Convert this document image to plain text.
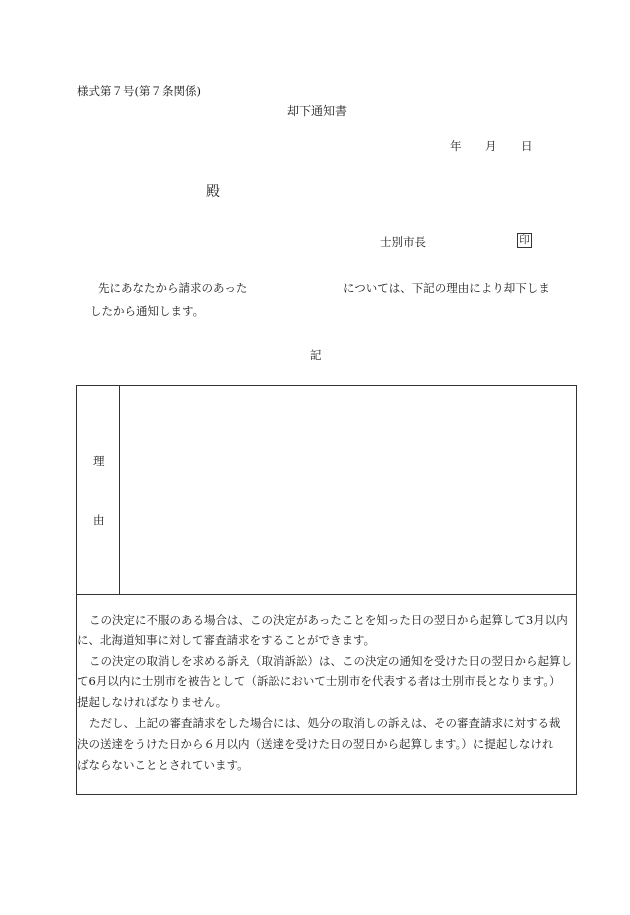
様式第７号(第７条関係)
却下通知書
年 月 日
殿
士別市長	印
先にあなたから請求のあった	については、下記の理由により却下しま
したから通知します。
記
理
由
この決定に不服のある場合は、この決定があったことを知った日の翌日から起算して3月以内
に、北海道知事に対して審査請求をすることができます。
この決定の取消しを求める訴え（取消訴訟）は、この決定の通知を受けた日の翌日から起算し
て6月以内に士別市を被告として（訴訟において士別市を代表する者は士別市長となります。）
提起しなければなりません。
ただし、上記の審査請求をした場合には、処分の取消しの訴えは、その審査請求に対する裁
決の送達をうけた日から６月以内（送達を受けた日の翌日から起算します。）に提起しなけれ
ばならないこととされています。
